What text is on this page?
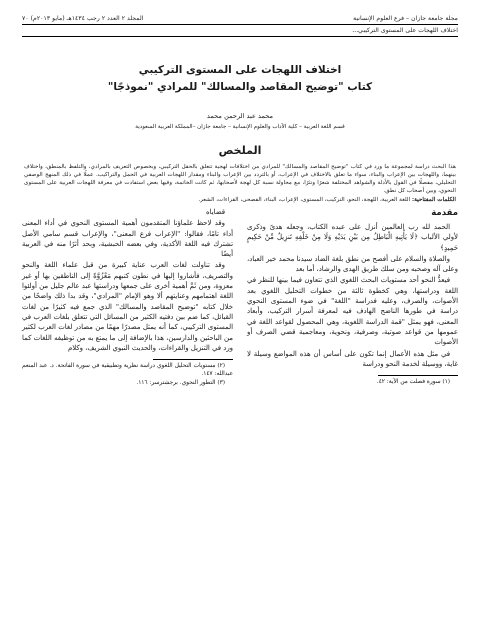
مجلة جامعة جازان – فرع العلوم الإنسانية
المجلد ٢ العدد ٢ رجب ١٤٣٤هـ (مايو ٢٠١٣م) ٧٠
اختلاف اللهجات على المستوى التركيبي...
اختلاف اللهجات على المستوى التركيبي
كتاب "توضيح المقاصد والمسالك" للمرادي "نموذجًا"
محمد عبد الرحمن محمد
قسم اللغة العربية – كلية الآداب والعلوم الإنسانية – جامعة جازان –المملكة العربية السعودية
الملخص

هذا البحث دراسة لمجموعة ما ورد في كتاب "توضيح المقاصد والمسالك" للمرادي من اختلافات لهجية تتعلق بالحقل التركيبي، وبخصوص التعريف بالمرادي، والتلفظ بالمنطق، واختلاف بينهما، واللهجات بين الإعراب والبناء، سواء ما تعلق بالاختلاف في الإعراب، أو بالتردد بين الإعراب والبناء ومقدار اللهجات العربية في الحمل والتراكيب. عملًا في ذلك المنهج الوصفي التحليلي، مفصلًا في القول بالأدلة والشواهد المختلفة شعرًا ونثرًا، مع محاولة نسبة كل لهجة لأصحابها، ثم كانت الخاتمة، وفيها بعض استفادت في معرفة اللهجات العربية على المستوى النحوي، وبين أصحاب كل نطق.

الكلمات المفتاحية: اللغة العربية، اللهجة، النحو، التركيب، المستوى، الإعراب، البناء، الفصحى، القراءات، الشعر.
مقدمة

الحمد لله رب العالمين أنزل على عبده الكتاب، وجعله هدىً وذكرى لأولي الألباب ﴿لَا يَأْتِيهِ الْبَاطِلُ مِن بَيْنِ يَدَيْهِ وَلَا مِنْ خَلْفِهِ تَنزِيلٌ مِّنْ حَكِيمٍ حَمِيدٍ﴾

والصلاة والسلام على أفصح من نطق بلغة الضاد سيدنا محمد خير العباد، وعلى آله وصحبه ومن سلك طريق الهدى والرشاد، أما بعد

فيعدُّ النحو أحد مستويات البحث اللغوي الذي تتعاون فيما بينها للنظر في اللغة ودراستها، وهي كخطوة ثالثة من خطوات التحليل اللغوي بعد الأصوات، والصرف، وعليه فدراسة "اللغة" في ضوء المستوى النحوي دراسة في طورها الناضج الهادف فيه لمعرفة أسرار التركيب، وأبعاد المعنى، فهو يمثل "قمة الدراسة اللغوية، وهي المحصول لقواعد اللغة في عمومها من قواعد صوتية، وصرفية، ونحوية، ومعاجمية قضي الصرف أو الأصوات

في مثل هذه الأعمال إنما تكون على أساس أن هذه المواضع وسيلة لا غاية، ووسيلة لخدمة النحو ودراسة

(١) سورة فصلت من الآية: ٤٢.

قضاياه

وقد لاحظ علماؤنا المتقدمون أهمية المستوى النحوي في أداء المعنى أداء تامًا، فقالوا: "الإعراب فرع المعنى"، والإعراب قسم سامي الأصل تشترك فيه اللغة الأكدية، وفي بعضه الحبشية، وبحد أثرًا منه في العربية أيضًا

وقد تناولت لغات العرب عناية كبيرة من قبل علماء اللغة والنحو والتصريف، فأشاروا إليها في نطون كتبهم مَعْزُوَّةً إلى الناطقين بها أو غير معزوة، ومن ثَمَّ أهمية أخرى على جمعها ودراستها عبد عالم جليل من أولئوا اللغة اهتمامهم وعنايتهم ألا وهو الإمام "المرادي"، وقد بدا ذلك واضحًا من خلال كتابه "توضيح المقاصد والمسالك" الذي جمع فيه كثيرًا من لغات القبائل، كما ضم بين دفتيه الكثير من المسائل التي تتعلق بلغات العرب في المستوى التركيبي، كما أنه يمثل مصدرًا مهمًا من مصادر لغات العرب لكثير من الباحثين والدارسين، هذا بالإضافة إلى ما يمتع به من توظيفه اللغات كما ورد في التنزيل والقراءات، والحديث النبوي الشريف، وكلام

(٢) مستويات التحليل اللغوي دراسة نظرية وتطبيقية في سورة الفاتحة. د. عبد المنعم عبدالله: ١٤٧.

(٣) التطور النحوي. برجشترسر: ١١٦.
